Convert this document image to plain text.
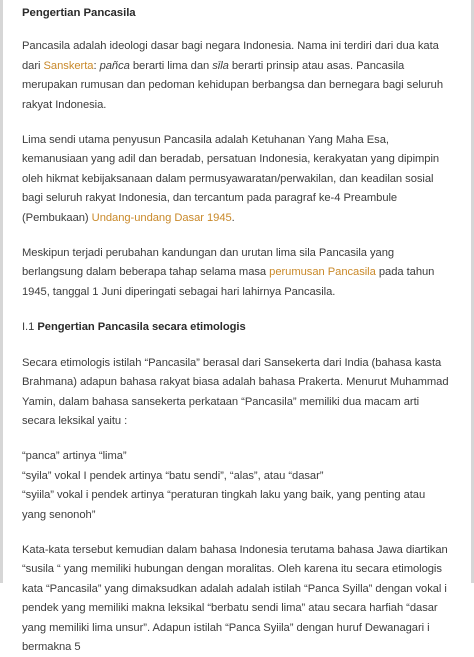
Pengertian Pancasila

Pancasila adalah ideologi dasar bagi negara Indonesia. Nama ini terdiri dari dua kata dari Sanskerta: pañca berarti lima dan sīla berarti prinsip atau asas. Pancasila merupakan rumusan dan pedoman kehidupan berbangsa dan bernegara bagi seluruh rakyat Indonesia.

Lima sendi utama penyusun Pancasila adalah Ketuhanan Yang Maha Esa, kemanusiaan yang adil dan beradab, persatuan Indonesia, kerakyatan yang dipimpin oleh hikmat kebijaksanaan dalam permusyawaratan/perwakilan, dan keadilan sosial bagi seluruh rakyat Indonesia, dan tercantum pada paragraf ke-4 Preambule (Pembukaan) Undang-undang Dasar 1945.

Meskipun terjadi perubahan kandungan dan urutan lima sila Pancasila yang berlangsung dalam beberapa tahap selama masa perumusan Pancasila pada tahun 1945, tanggal 1 Juni diperingati sebagai hari lahirnya Pancasila.

I.1 Pengertian Pancasila secara etimologis

Secara etimologis istilah “Pancasila” berasal dari Sansekerta dari India (bahasa kasta Brahmana) adapun bahasa rakyat biasa adalah bahasa Prakerta. Menurut Muhammad Yamin, dalam bahasa sansekerta perkataan “Pancasila” memiliki dua macam arti secara leksikal yaitu :

“panca” artinya “lima”
“syila” vokal I pendek artinya “batu sendi”, “alas”, atau “dasar”
“syiila” vokal i pendek artinya “peraturan tingkah laku yang baik, yang penting atau yang senonoh”

Kata-kata tersebut kemudian dalam bahasa Indonesia terutama bahasa Jawa diartikan “susila “ yang memiliki hubungan dengan moralitas. Oleh karena itu secara etimologis kata “Pancasila” yang dimaksudkan adalah adalah istilah “Panca Syilla” dengan vokal i pendek yang memiliki makna leksikal “berbatu sendi lima” atau secara harfiah “dasar yang memiliki lima unsur”. Adapun istilah “Panca Syiila” dengan huruf Dewanagari i bermakna 5
